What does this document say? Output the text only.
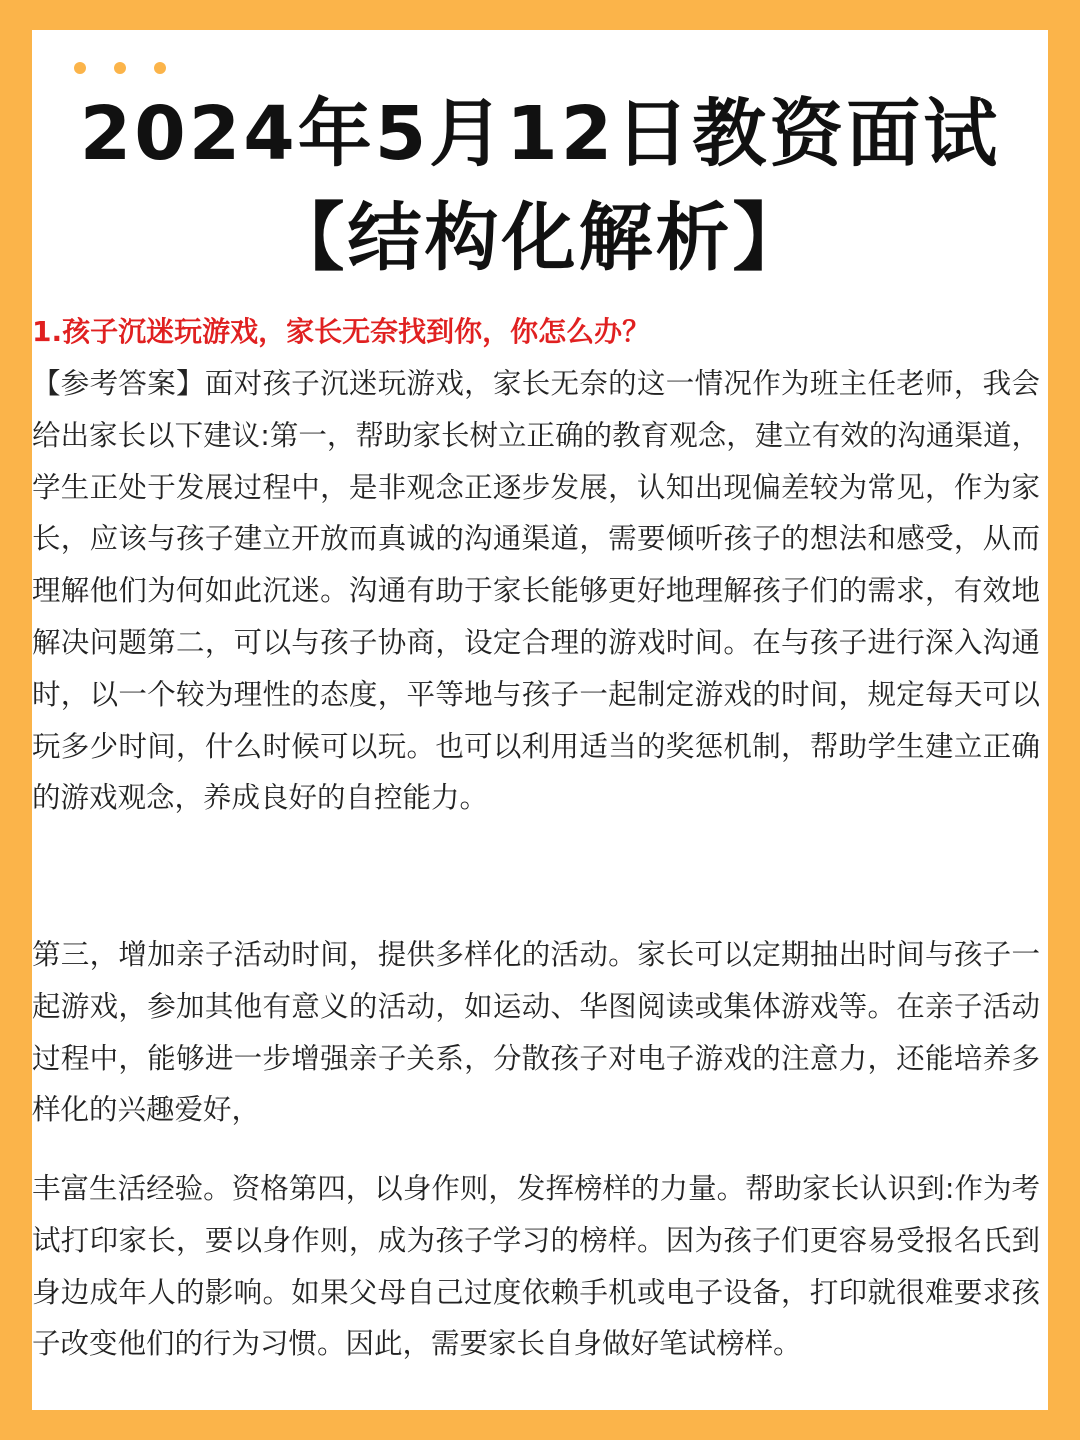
2024年5月12日教资面试
【结构化解析】

1.孩子沉迷玩游戏，家长无奈找到你，你怎么办？

【参考答案】面对孩子沉迷玩游戏，家长无奈的这一情况作为班主任老师，我会给出家长以下建议:第一，帮助家长树立正确的教育观念，建立有效的沟通渠道，学生正处于发展过程中，是非观念正逐步发展，认知出现偏差较为常见，作为家长，应该与孩子建立开放而真诚的沟通渠道，需要倾听孩子的想法和感受，从而理解他们为何如此沉迷。沟通有助于家长能够更好地理解孩子们的需求，有效地解决问题第二，可以与孩子协商，设定合理的游戏时间。在与孩子进行深入沟通时，以一个较为理性的态度，平等地与孩子一起制定游戏的时间，规定每天可以玩多少时间，什么时候可以玩。也可以利用适当的奖惩机制，帮助学生建立正确的游戏观念，养成良好的自控能力。

第三，增加亲子活动时间，提供多样化的活动。家长可以定期抽出时间与孩子一起游戏，参加其他有意义的活动，如运动、华图阅读或集体游戏等。在亲子活动过程中，能够进一步增强亲子关系，分散孩子对电子游戏的注意力，还能培养多样化的兴趣爱好，

丰富生活经验。资格第四，以身作则，发挥榜样的力量。帮助家长认识到:作为考试打印家长，要以身作则，成为孩子学习的榜样。因为孩子们更容易受报名氏到身边成年人的影响。如果父母自己过度依赖手机或电子设备，打印就很难要求孩子改变他们的行为习惯。因此，需要家长自身做好笔试榜样。
